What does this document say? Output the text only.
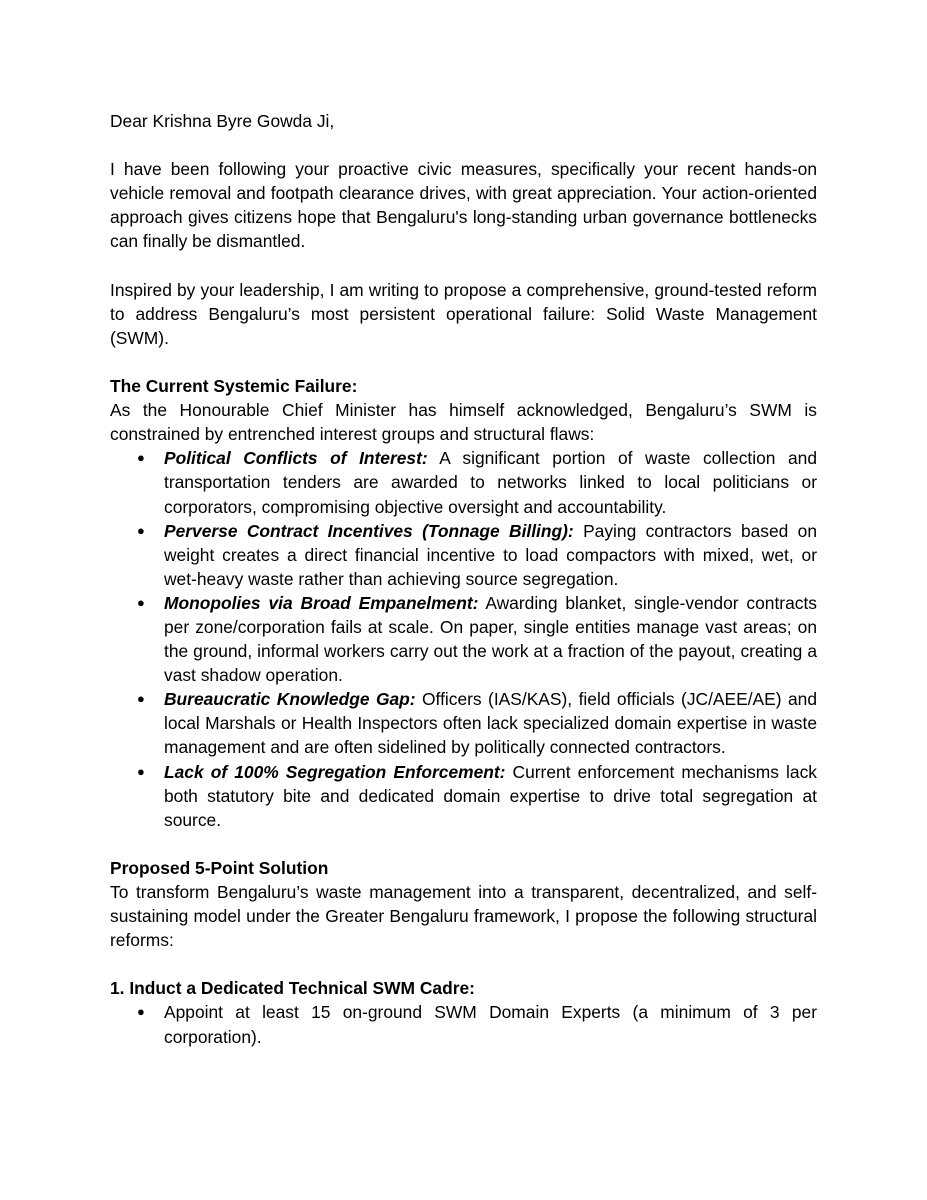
Dear Krishna Byre Gowda Ji,

I have been following your proactive civic measures, specifically your recent hands-on vehicle removal and footpath clearance drives, with great appreciation. Your action-oriented approach gives citizens hope that Bengaluru's long-standing urban governance bottlenecks can finally be dismantled.

Inspired by your leadership, I am writing to propose a comprehensive, ground-tested reform to address Bengaluru’s most persistent operational failure: Solid Waste Management (SWM).

The Current Systemic Failure:

As the Honourable Chief Minister has himself acknowledged, Bengaluru’s SWM is constrained by entrenched interest groups and structural flaws:

● Political Conflicts of Interest: A significant portion of waste collection and transportation tenders are awarded to networks linked to local politicians or corporators, compromising objective oversight and accountability.
● Perverse Contract Incentives (Tonnage Billing): Paying contractors based on weight creates a direct financial incentive to load compactors with mixed, wet, or wet-heavy waste rather than achieving source segregation.
● Monopolies via Broad Empanelment: Awarding blanket, single-vendor contracts per zone/corporation fails at scale. On paper, single entities manage vast areas; on the ground, informal workers carry out the work at a fraction of the payout, creating a vast shadow operation.
● Bureaucratic Knowledge Gap: Officers (IAS/KAS), field officials (JC/AEE/AE) and local Marshals or Health Inspectors often lack specialized domain expertise in waste management and are often sidelined by politically connected contractors.
● Lack of 100% Segregation Enforcement: Current enforcement mechanisms lack both statutory bite and dedicated domain expertise to drive total segregation at source.

Proposed 5-Point Solution

To transform Bengaluru’s waste management into a transparent, decentralized, and self-sustaining model under the Greater Bengaluru framework, I propose the following structural reforms:

1. Induct a Dedicated Technical SWM Cadre:

● Appoint at least 15 on-ground SWM Domain Experts (a minimum of 3 per corporation).
